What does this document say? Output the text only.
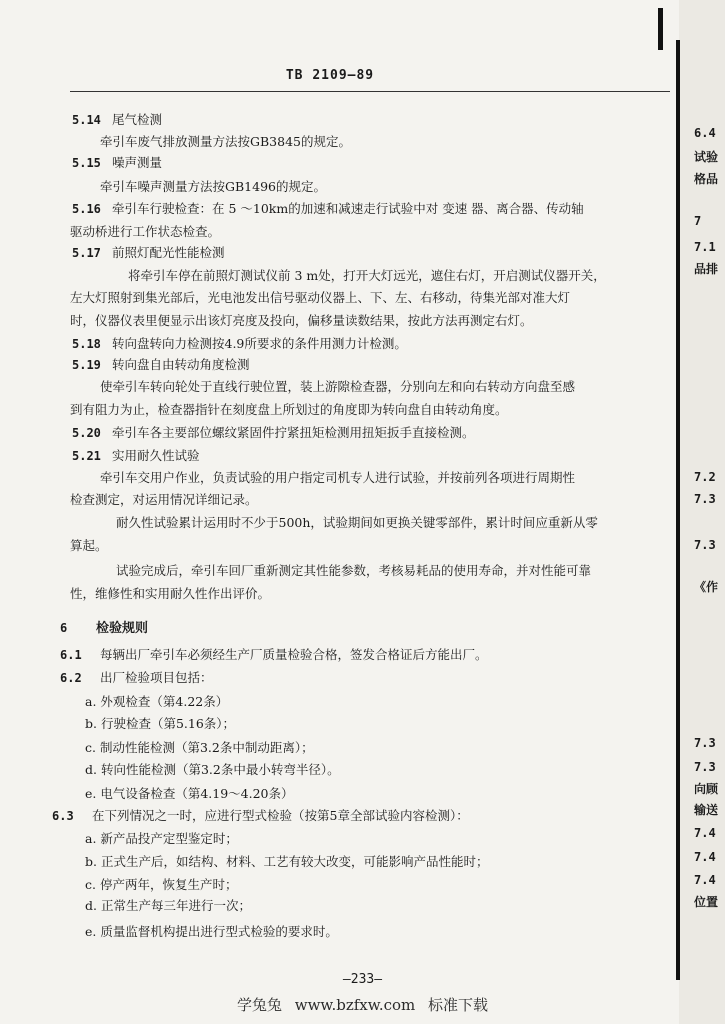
TB 2109—89
5.14 尾气检测
牵引车废气排放测量方法按GB3845的规定。
5.15 噪声测量
牵引车噪声测量方法按GB1496的规定。
5.16 牵引车行驶检查：在 5 ～10km的加速和减速走行试验中对 变速 器、离合器、传动轴
驱动桥进行工作状态检查。
5.17 前照灯配光性能检测
将牵引车停在前照灯测试仪前 3 m处，打开大灯远光，遮住右灯，开启测试仪器开关，
左大灯照射到集光部后，光电池发出信号驱动仪器上、下、左、右移动，待集光部对准大灯
时，仪器仪表里便显示出该灯亮度及投向，偏移量读数结果，按此方法再测定右灯。
5.18 转向盘转向力检测按4.9所要求的条件用测力计检测。
5.19 转向盘自由转动角度检测
使牵引车转向轮处于直线行驶位置，装上游隙检查器，分别向左和向右转动方向盘至感
到有阻力为止，检查器指针在刻度盘上所划过的角度即为转向盘自由转动角度。
5.20 牵引车各主要部位螺纹紧固件拧紧扭矩检测用扭矩扳手直接检测。
5.21 实用耐久性试验
牵引车交用户作业，负责试验的用户指定司机专人进行试验，并按前列各项进行周期性
检查测定，对运用情况详细记录。
耐久性试验累计运用时不少于500h，试验期间如更换关键零部件，累计时间应重新从零
算起。
试验完成后，牵引车回厂重新测定其性能参数，考核易耗品的使用寿命，并对性能可靠
性，维修性和实用耐久性作出评价。
6 检验规则
6.1 每辆出厂牵引车必须经生产厂质量检验合格，签发合格证后方能出厂。
6.2 出厂检验项目包括：
a. 外观检查（第4.22条）
b. 行驶检查（第5.16条）；
c. 制动性能检测（第3.2条中制动距离）；
d. 转向性能检测（第3.2条中最小转弯半径）。
e. 电气设备检查（第4.19～4.20条）
6.3 在下列情况之一时，应进行型式检验（按第5章全部试验内容检测）：
a. 新产品投产定型鉴定时；
b. 正式生产后，如结构、材料、工艺有较大改变，可能影响产品性能时；
c. 停产两年，恢复生产时；
d. 正常生产每三年进行一次；
e. 质量监督机构提出进行型式检验的要求时。
6.4
试验
格品
7
7.1
品排
7.2
7.3
7.3
《作
7.3
7.3
向顾
输送
7.4
7.4
7.4
位置
–233–
学兔兔 www.bzfxw.com 标准下载
